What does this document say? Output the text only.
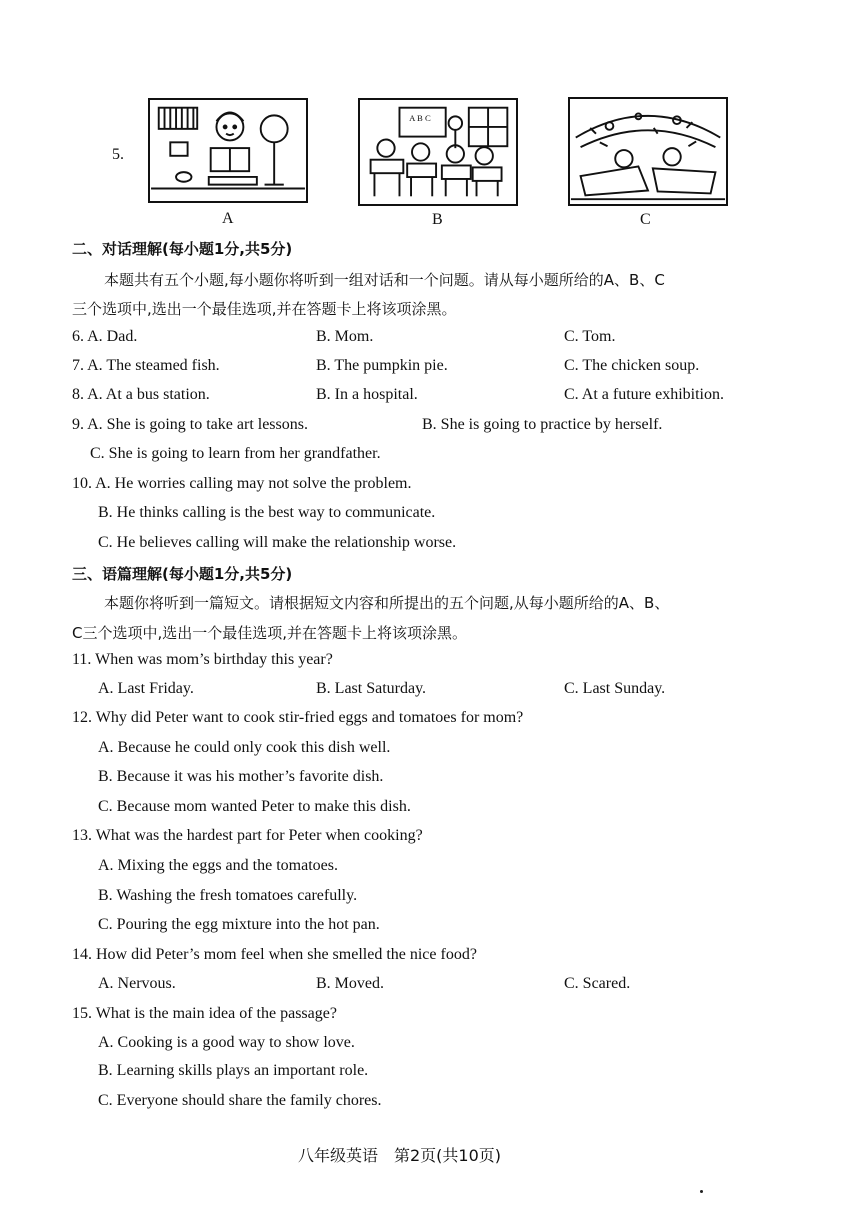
5.
A B C
A	B	C
二、对话理解(每小题1分,共5分)
本题共有五个小题,每小题你将听到一组对话和一个问题。请从每小题所给的A、B、C
三个选项中,选出一个最佳选项,并在答题卡上将该项涂黑。
6. A. Dad.	B. Mom.	C. Tom.
7. A. The steamed fish.	B. The pumpkin pie.	C. The chicken soup.
8. A. At a bus station.	B. In a hospital.	C. At a future exhibition.
9. A. She is going to take art lessons.	B. She is going to practice by herself.
C. She is going to learn from her grandfather.
10. A. He worries calling may not solve the problem.
B. He thinks calling is the best way to communicate.
C. He believes calling will make the relationship worse.
三、语篇理解(每小题1分,共5分)
本题你将听到一篇短文。请根据短文内容和所提出的五个问题,从每小题所给的A、B、
C三个选项中,选出一个最佳选项,并在答题卡上将该项涂黑。
11. When was mom’s birthday this year?
A. Last Friday.	B. Last Saturday.	C. Last Sunday.
12. Why did Peter want to cook stir-fried eggs and tomatoes for mom?
A. Because he could only cook this dish well.
B. Because it was his mother’s favorite dish.
C. Because mom wanted Peter to make this dish.
13. What was the hardest part for Peter when cooking?
A. Mixing the eggs and the tomatoes.
B. Washing the fresh tomatoes carefully.
C. Pouring the egg mixture into the hot pan.
14. How did Peter’s mom feel when she smelled the nice food?
A. Nervous.	B. Moved.	C. Scared.
15. What is the main idea of the passage?
A. Cooking is a good way to show love.
B. Learning skills plays an important role.
C. Everyone should share the family chores.
八年级英语　第2页(共10页)
